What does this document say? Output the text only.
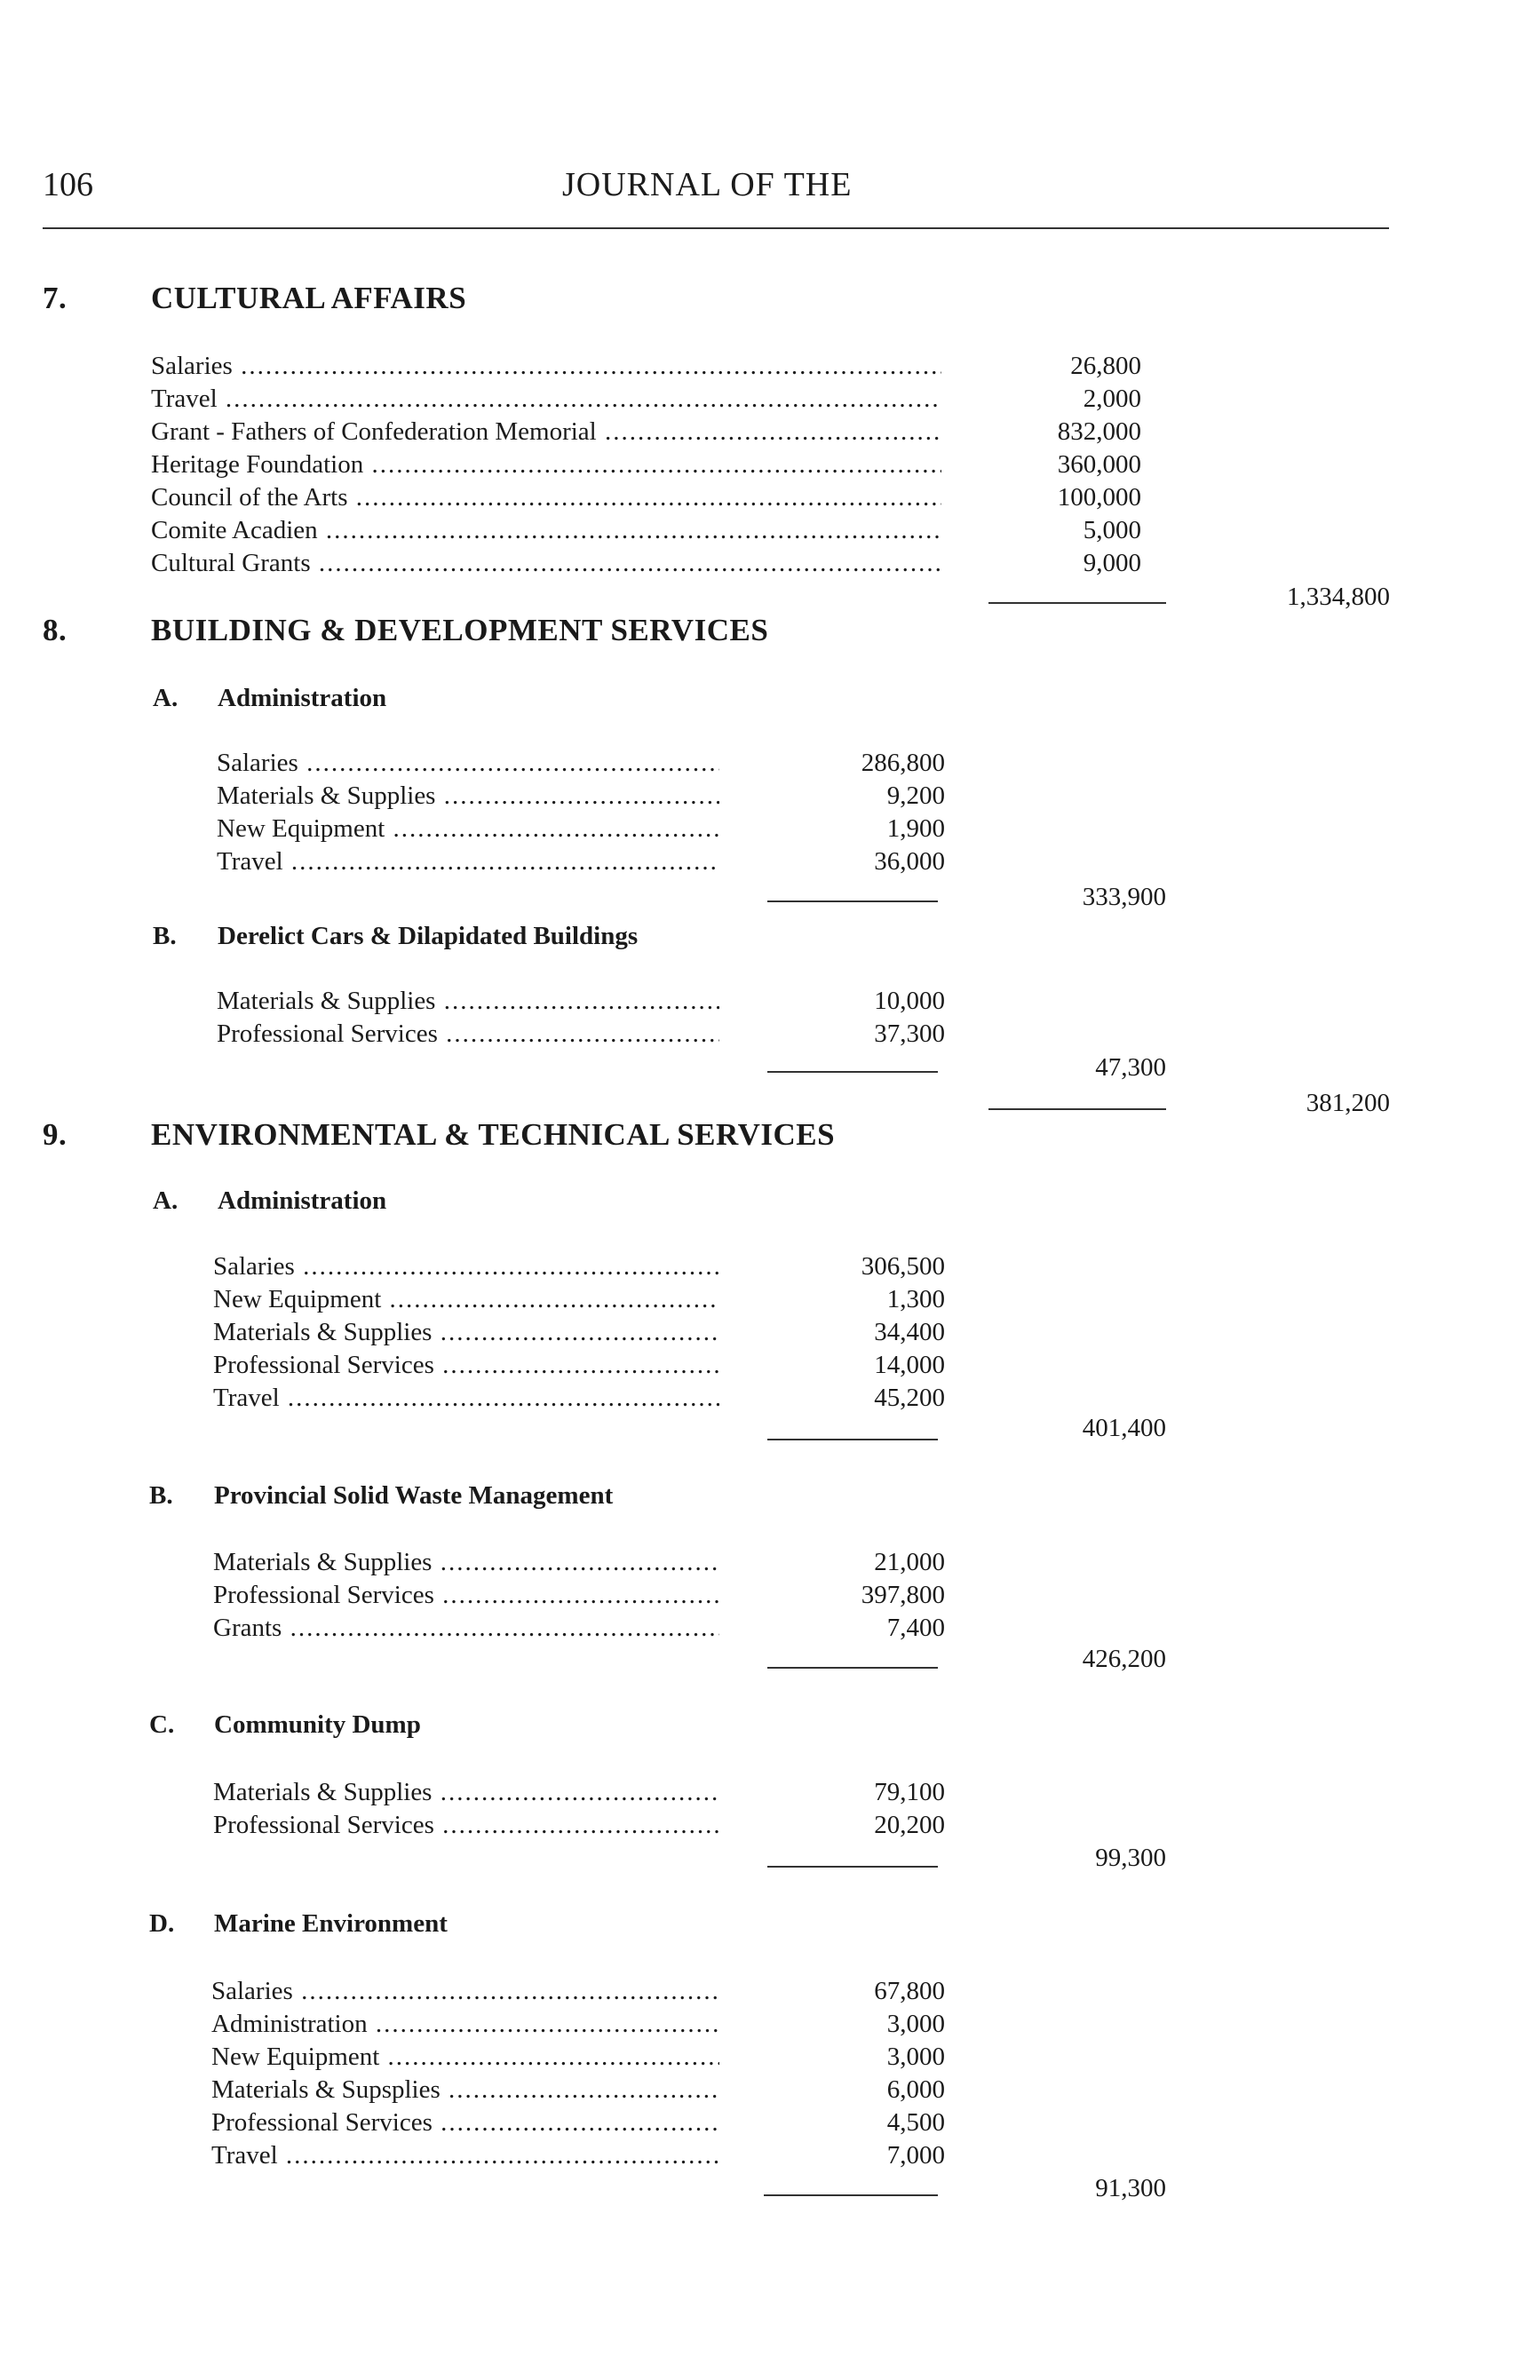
106	JOURNAL OF THE
7.	CULTURAL AFFAIRS
Salaries .....	26,800
Travel .....	2,000
Grant - Fathers of Confederation Memorial .....	832,000
Heritage Foundation .....	360,000
Council of the Arts .....	100,000
Comite Acadien .....	5,000
Cultural Grants .....	9,000
1,334,800
8.	BUILDING & DEVELOPMENT SERVICES
A. Administration
Salaries .....	286,800
Materials & Supplies .....	9,200
New Equipment .....	1,900
Travel .....	36,000
333,900
B. Derelict Cars & Dilapidated Buildings
Materials & Supplies .....	10,000
Professional Services .....	37,300
47,300
381,200
9.	ENVIRONMENTAL & TECHNICAL SERVICES
A. Administration
Salaries .....	306,500
New Equipment .....	1,300
Materials & Supplies .....	34,400
Professional Services .....	14,000
Travel .....	45,200
401,400
B. Provincial Solid Waste Management
Materials & Supplies .....	21,000
Professional Services .....	397,800
Grants .....	7,400
426,200
C. Community Dump
Materials & Supplies .....	79,100
Professional Services .....	20,200
99,300
D. Marine Environment
Salaries .....	67,800
Administration .....	3,000
New Equipment .....	3,000
Materials & Supsplies .....	6,000
Professional Services .....	4,500
Travel .....	7,000
91,300
